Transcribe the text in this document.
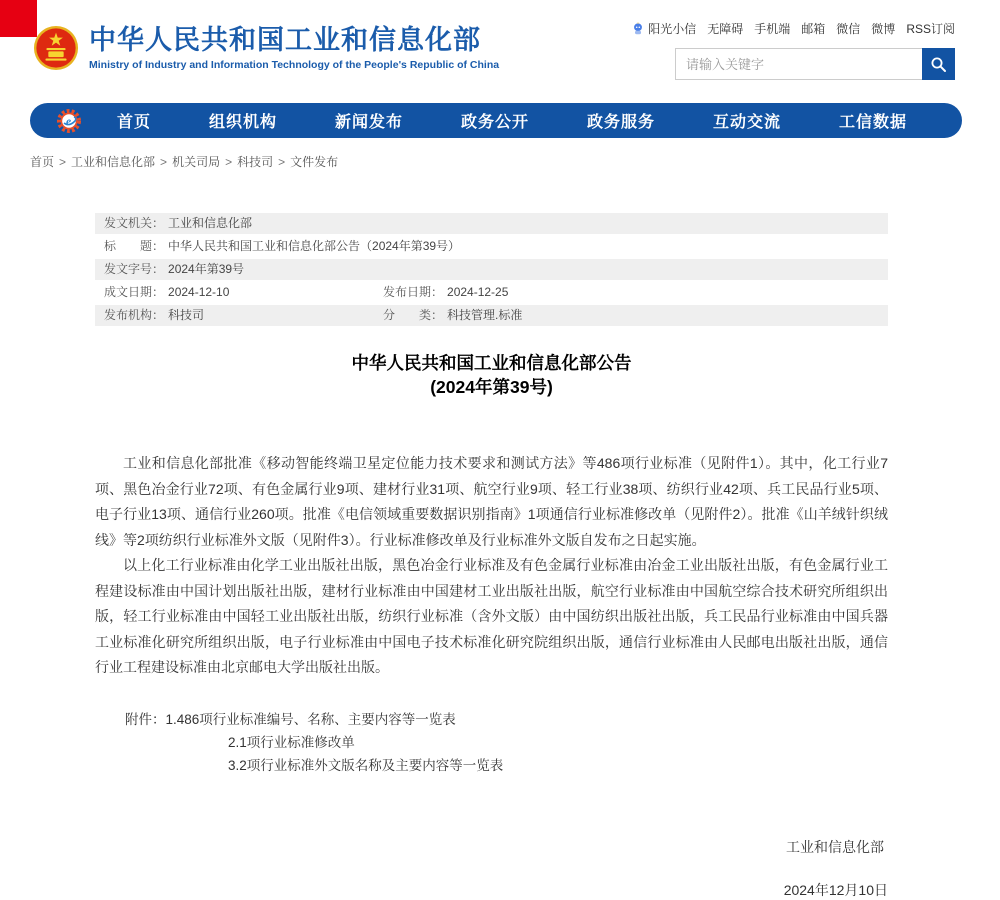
中华人民共和国工业和信息化部
Ministry of Industry and Information Technology of the People's Republic of China
阳光小信 无障碍 手机端 邮箱 微信 微博 RSS订阅
请输入关键字
e	首页	组织机构	新闻发布	政务公开	政务服务	互动交流	工信数据
首页 > 工业和信息化部 > 机关司局 > 科技司 > 文件发布
发文机关： 工业和信息化部
标　　题： 中华人民共和国工业和信息化部公告（2024年第39号）
发文字号： 2024年第39号
成文日期： 2024-12-10	发布日期： 2024-12-25
发布机构： 科技司	分　　类： 科技管理.标准
中华人民共和国工业和信息化部公告
(2024年第39号)

工业和信息化部批准《移动智能终端卫星定位能力技术要求和测试方法》等486项行业标准（见附件1）。其中，化工行业7项、黑色冶金行业72项、有色金属行业9项、建材行业31项、航空行业9项、轻工行业38项、纺织行业42项、兵工民品行业5项、电子行业13项、通信行业260项。批准《电信领域重要数据识别指南》1项通信行业标准修改单（见附件2）。批准《山羊绒针织绒线》等2项纺织行业标准外文版（见附件3）。行业标准修改单及行业标准外文版自发布之日起实施。

以上化工行业标准由化学工业出版社出版，黑色冶金行业标准及有色金属行业标准由冶金工业出版社出版，有色金属行业工程建设标准由中国计划出版社出版，建材行业标准由中国建材工业出版社出版，航空行业标准由中国航空综合技术研究所组织出版，轻工行业标准由中国轻工业出版社出版，纺织行业标准（含外文版）由中国纺织出版社出版，兵工民品行业标准由中国兵器工业标准化研究所组织出版，电子行业标准由中国电子技术标准化研究院组织出版，通信行业标准由人民邮电出版社出版，通信行业工程建设标准由北京邮电大学出版社出版。

附件：1.486项行业标准编号、名称、主要内容等一览表
2.1项行业标准修改单
3.2项行业标准外文版名称及主要内容等一览表
工业和信息化部
2024年12月10日
